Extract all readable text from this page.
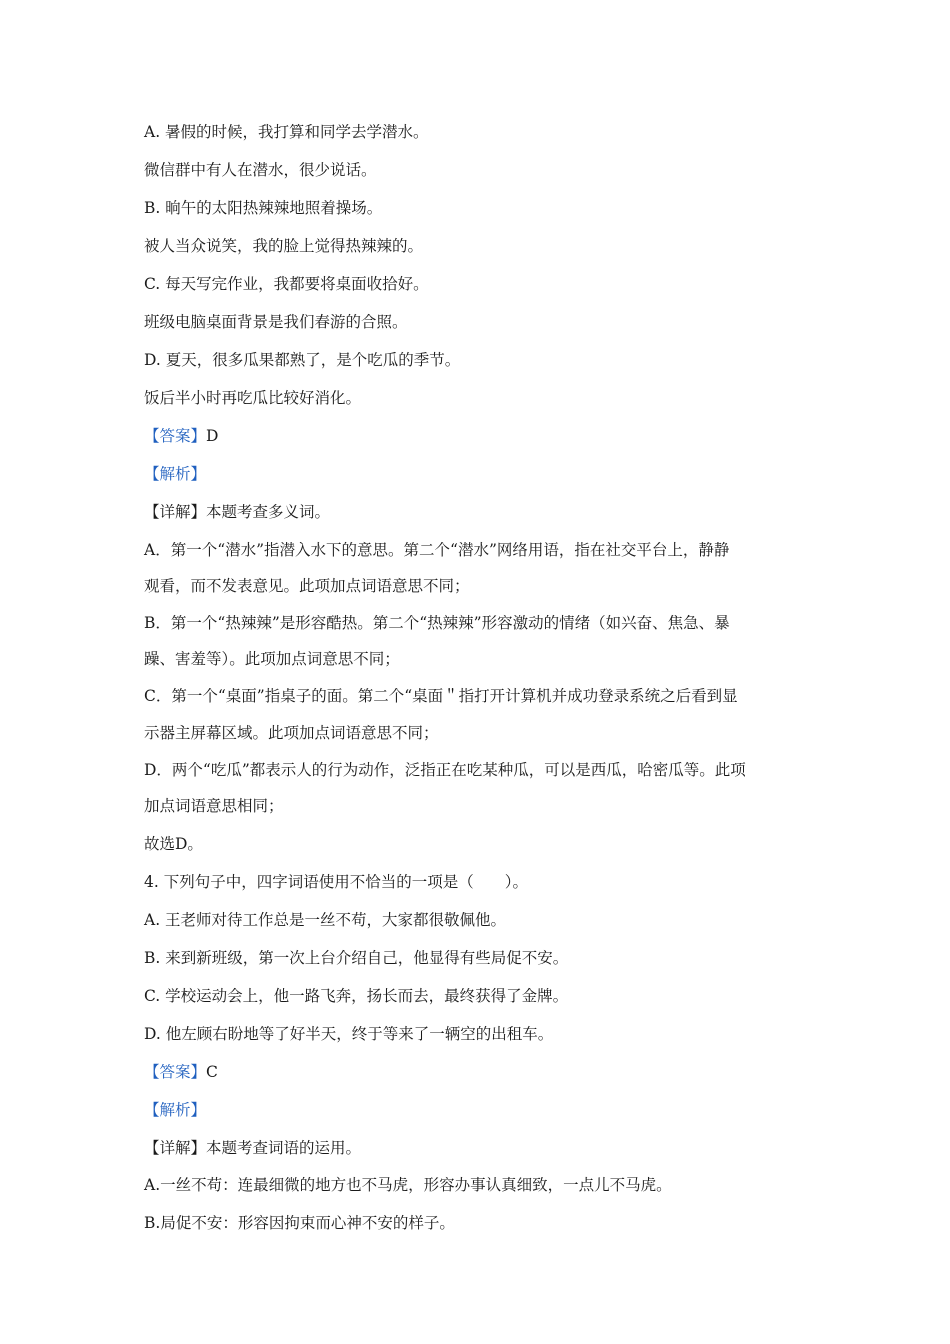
A. 暑假的时候，我打算和同学去学潜水。
微信群中有人在潜水，很少说话。
B. 晌午的太阳热辣辣地照着操场。
被人当众说笑，我的脸上觉得热辣辣的。
C. 每天写完作业，我都要将桌面收拾好。
班级电脑桌面背景是我们春游的合照。
D. 夏天，很多瓜果都熟了，是个吃瓜的季节。
饭后半小时再吃瓜比较好消化。
【答案】D
【解析】
【详解】本题考查多义词。
A．第一个“潜水”指潜入水下的意思。第二个“潜水”网络用语，指在社交平台上，静静
观看，而不发表意见。此项加点词语意思不同；
B．第一个“热辣辣”是形容酷热。第二个“热辣辣”形容激动的情绪（如兴奋、焦急、暴
躁、害羞等）。此项加点词意思不同；
C．第一个“桌面”指桌子的面。第二个“桌面＂指打开计算机并成功登录系统之后看到显
示器主屏幕区域。此项加点词语意思不同；
D．两个“吃瓜”都表示人的行为动作，泛指正在吃某种瓜，可以是西瓜，哈密瓜等。此项
加点词语意思相同；
故选D。
4. 下列句子中，四字词语使用不恰当的一项是（　　）。
A. 王老师对待工作总是一丝不苟，大家都很敬佩他。
B. 来到新班级，第一次上台介绍自己，他显得有些局促不安。
C. 学校运动会上，他一路飞奔，扬长而去，最终获得了金牌。
D. 他左顾右盼地等了好半天，终于等来了一辆空的出租车。
【答案】C
【解析】
【详解】本题考查词语的运用。
A.一丝不苟：连最细微的地方也不马虎，形容办事认真细致，一点儿不马虎。
B.局促不安：形容因拘束而心神不安的样子。
